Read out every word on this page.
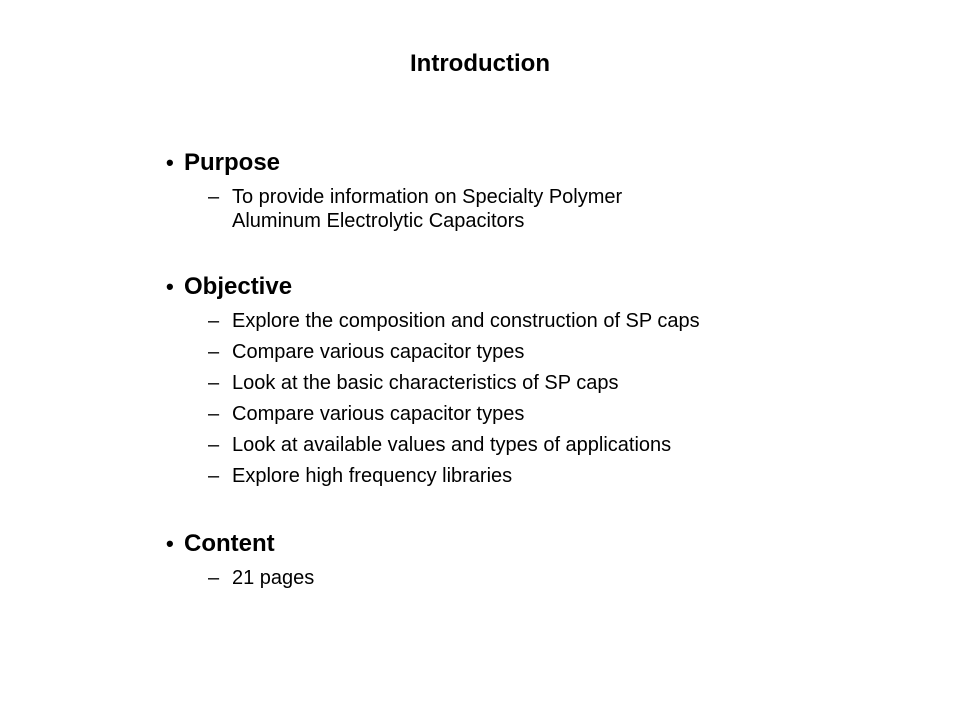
Introduction
• Purpose
– To provide information on Specialty Polymer Aluminum Electrolytic Capacitors
• Objective
– Explore the composition and construction of SP caps
– Compare various capacitor types
– Look at the basic characteristics of SP caps
– Compare various capacitor types
– Look at available values and types of applications
– Explore high frequency libraries
• Content
– 21 pages
